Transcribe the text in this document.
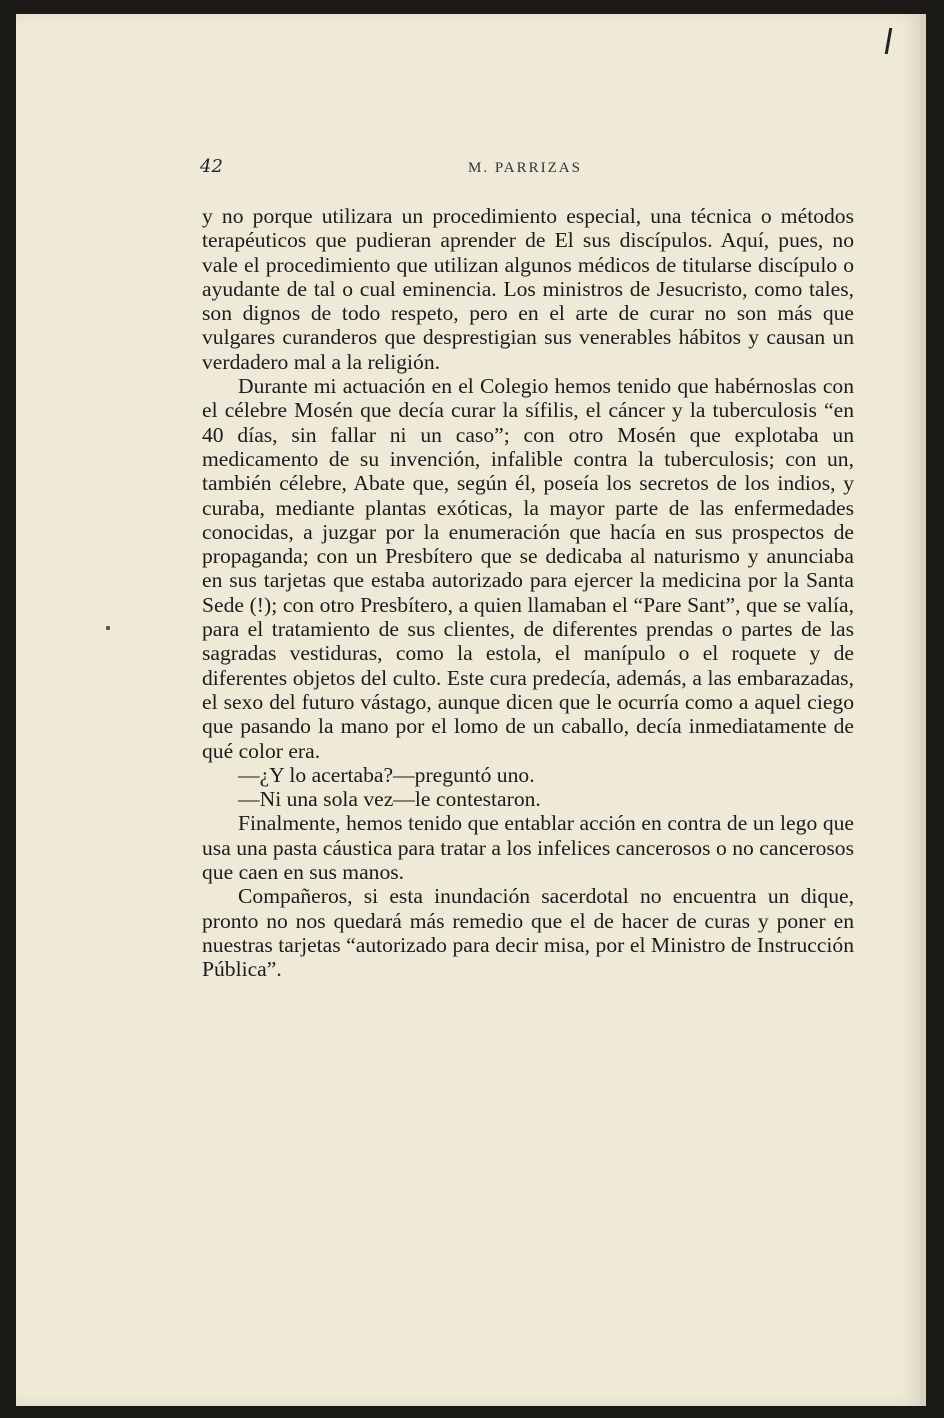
42	M. PARRIZAS

y no porque utilizara un procedimiento especial, una técnica o métodos terapéuticos que pudieran aprender de El sus discípulos. Aquí, pues, no vale el procedimiento que utilizan algunos médicos de titularse discípulo o ayudante de tal o cual eminencia. Los ministros de Jesucristo, como tales, son dignos de todo respeto, pero en el arte de curar no son más que vulgares curanderos que desprestigian sus venerables hábitos y causan un verdadero mal a la religión.

Durante mi actuación en el Colegio hemos tenido que habérnoslas con el célebre Mosén que decía curar la sífilis, el cáncer y la tuberculosis “en 40 días, sin fallar ni un caso”; con otro Mosén que explotaba un medicamento de su invención, infalible contra la tuberculosis; con un, también célebre, Abate que, según él, poseía los secretos de los indios, y curaba, mediante plantas exóticas, la mayor parte de las enfermedades conocidas, a juzgar por la enumeración que hacía en sus prospectos de propaganda; con un Presbítero que se dedicaba al naturismo y anunciaba en sus tarjetas que estaba autorizado para ejercer la medicina por la Santa Sede (!); con otro Presbítero, a quien llamaban el “Pare Sant”, que se valía, para el tratamiento de sus clientes, de diferentes prendas o partes de las sagradas vestiduras, como la estola, el manípulo o el roquete y de diferentes objetos del culto. Este cura predecía, además, a las embarazadas, el sexo del futuro vástago, aunque dicen que le ocurría como a aquel ciego que pasando la mano por el lomo de un caballo, decía inmediatamente de qué color era.

—¿Y lo acertaba?—preguntó uno.

—Ni una sola vez—le contestaron.

Finalmente, hemos tenido que entablar acción en contra de un lego que usa una pasta cáustica para tratar a los infelices cancerosos o no cancerosos que caen en sus manos.

Compañeros, si esta inundación sacerdotal no encuentra un dique, pronto no nos quedará más remedio que el de hacer de curas y poner en nuestras tarjetas “autorizado para decir misa, por el Ministro de Instrucción Pública”.
